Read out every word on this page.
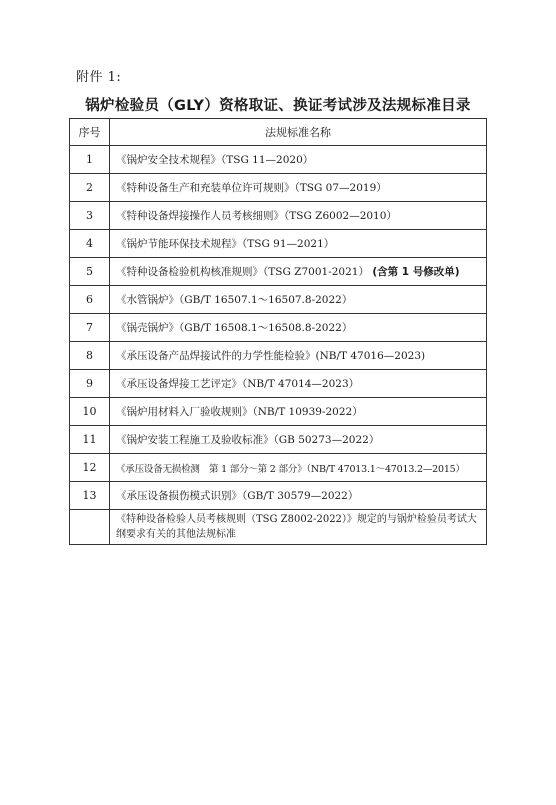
附件 1:
锅炉检验员（GLY）资格取证、换证考试涉及法规标准目录
序号	法规标准名称
1	《锅炉安全技术规程》（TSG 11—2020）
2	《特种设备生产和充装单位许可规则》（TSG 07—2019）
3	《特种设备焊接操作人员考核细则》（TSG Z6002—2010）
4	《锅炉节能环保技术规程》（TSG 91—2021）
5	《特种设备检验机构核准规则》（TSG Z7001-2021） (含第 1 号修改单)
6	《水管锅炉》（GB/T 16507.1～16507.8-2022）
7	《锅壳锅炉》（GB/T 16508.1～16508.8-2022）
8	《承压设备产品焊接试件的力学性能检验》(NB/T 47016—2023)
9	《承压设备焊接工艺评定》（NB/T 47014—2023）
10	《锅炉用材料入厂验收规则》（NB/T 10939-2022）
11	《锅炉安装工程施工及验收标准》（GB 50273—2022）
12	《承压设备无损检测　第 1 部分～第 2 部分》（NB/T 47013.1～47013.2—2015）
13	《承压设备损伤模式识别》（GB/T 30579—2022）
	《特种设备检验人员考核规则（TSG Z8002-2022）》规定的与锅炉检验员考试大纲要求有关的其他法规标准
